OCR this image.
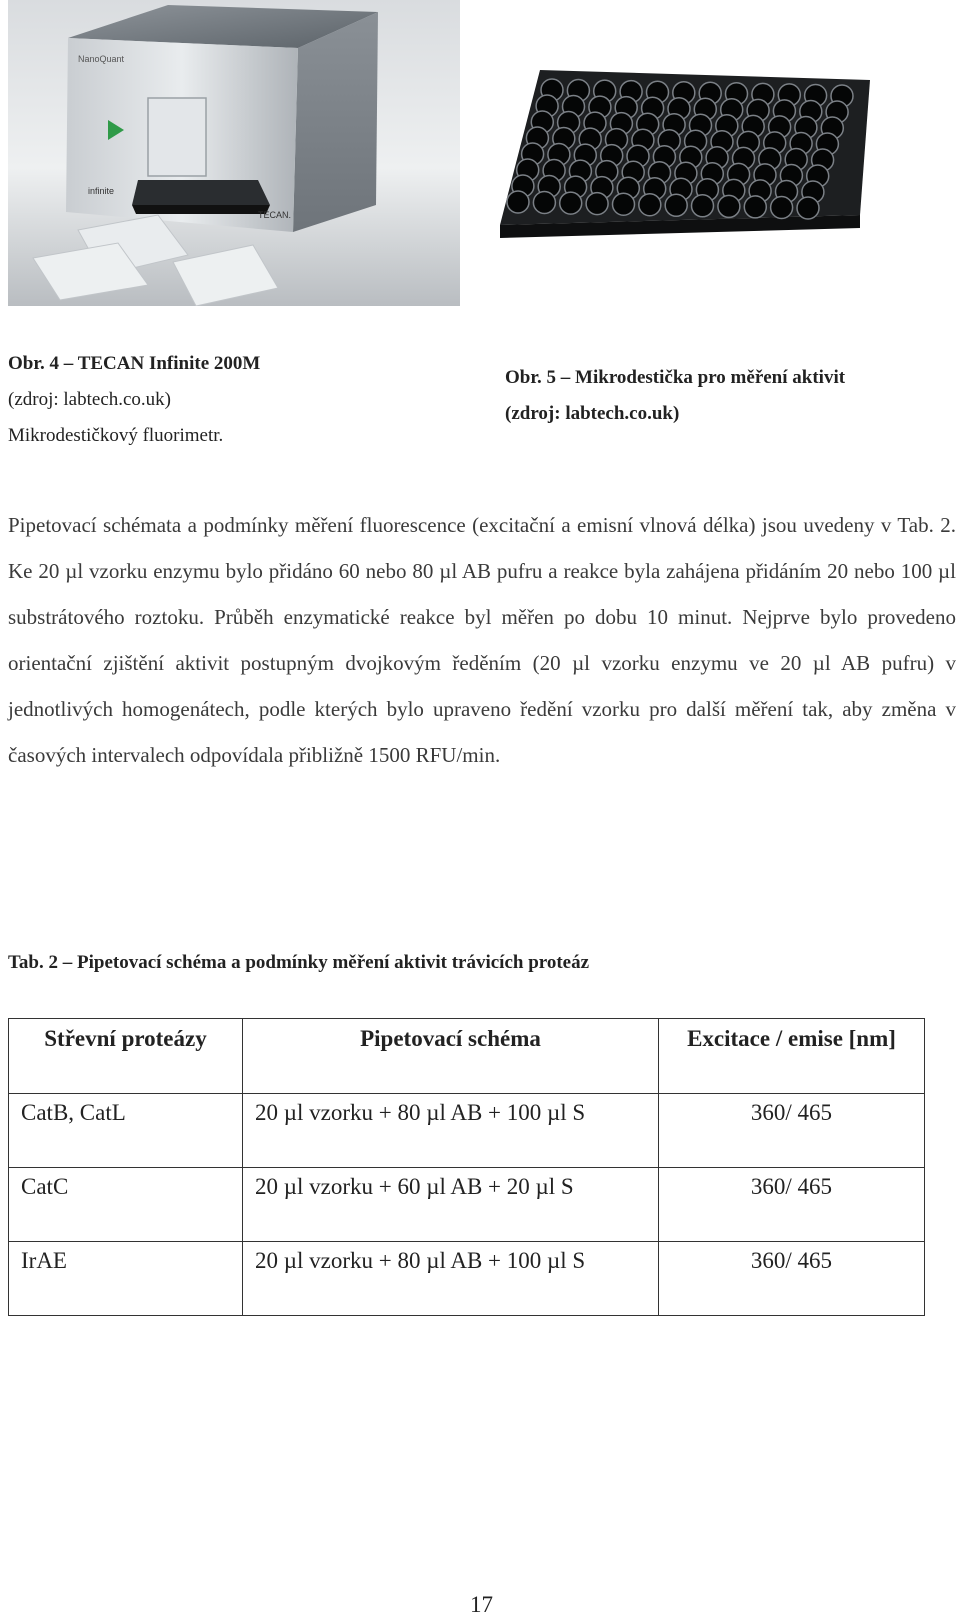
NanoQuant
infinite
TECAN.
Obr. 4 – TECAN Infinite 200M
(zdroj: labtech.co.uk)
Mikrodestičkový fluorimetr.
Obr. 5 – Mikrodestička pro měření aktivit
(zdroj: labtech.co.uk)
Pipetovací schémata a podmínky měření fluorescence (excitační a emisní vlnová délka) jsou uvedeny v Tab. 2. Ke 20 µl vzorku enzymu bylo přidáno 60 nebo 80 µl AB pufru a reakce byla zahájena přidáním 20 nebo 100 µl substrátového roztoku. Průběh enzymatické reakce byl měřen po dobu 10 minut. Nejprve bylo provedeno orientační zjištění aktivit postupným dvojkovým ředěním (20 µl vzorku enzymu ve 20 µl AB pufru) v jednotlivých homogenátech, podle kterých bylo upraveno ředění vzorku pro další měření tak, aby změna v časových intervalech odpovídala přibližně 1500 RFU/min.
Tab. 2 – Pipetovací schéma a podmínky měření aktivit trávicích proteáz
Střevní proteázy	Pipetovací schéma	Excitace / emise [nm]

CatB, CatL	20 µl vzorku + 80 µl AB + 100 µl S	360/ 465

CatC	20 µl vzorku + 60 µl AB + 20 µl S	360/ 465

IrAE	20 µl vzorku + 80 µl AB + 100 µl S	360/ 465
17
